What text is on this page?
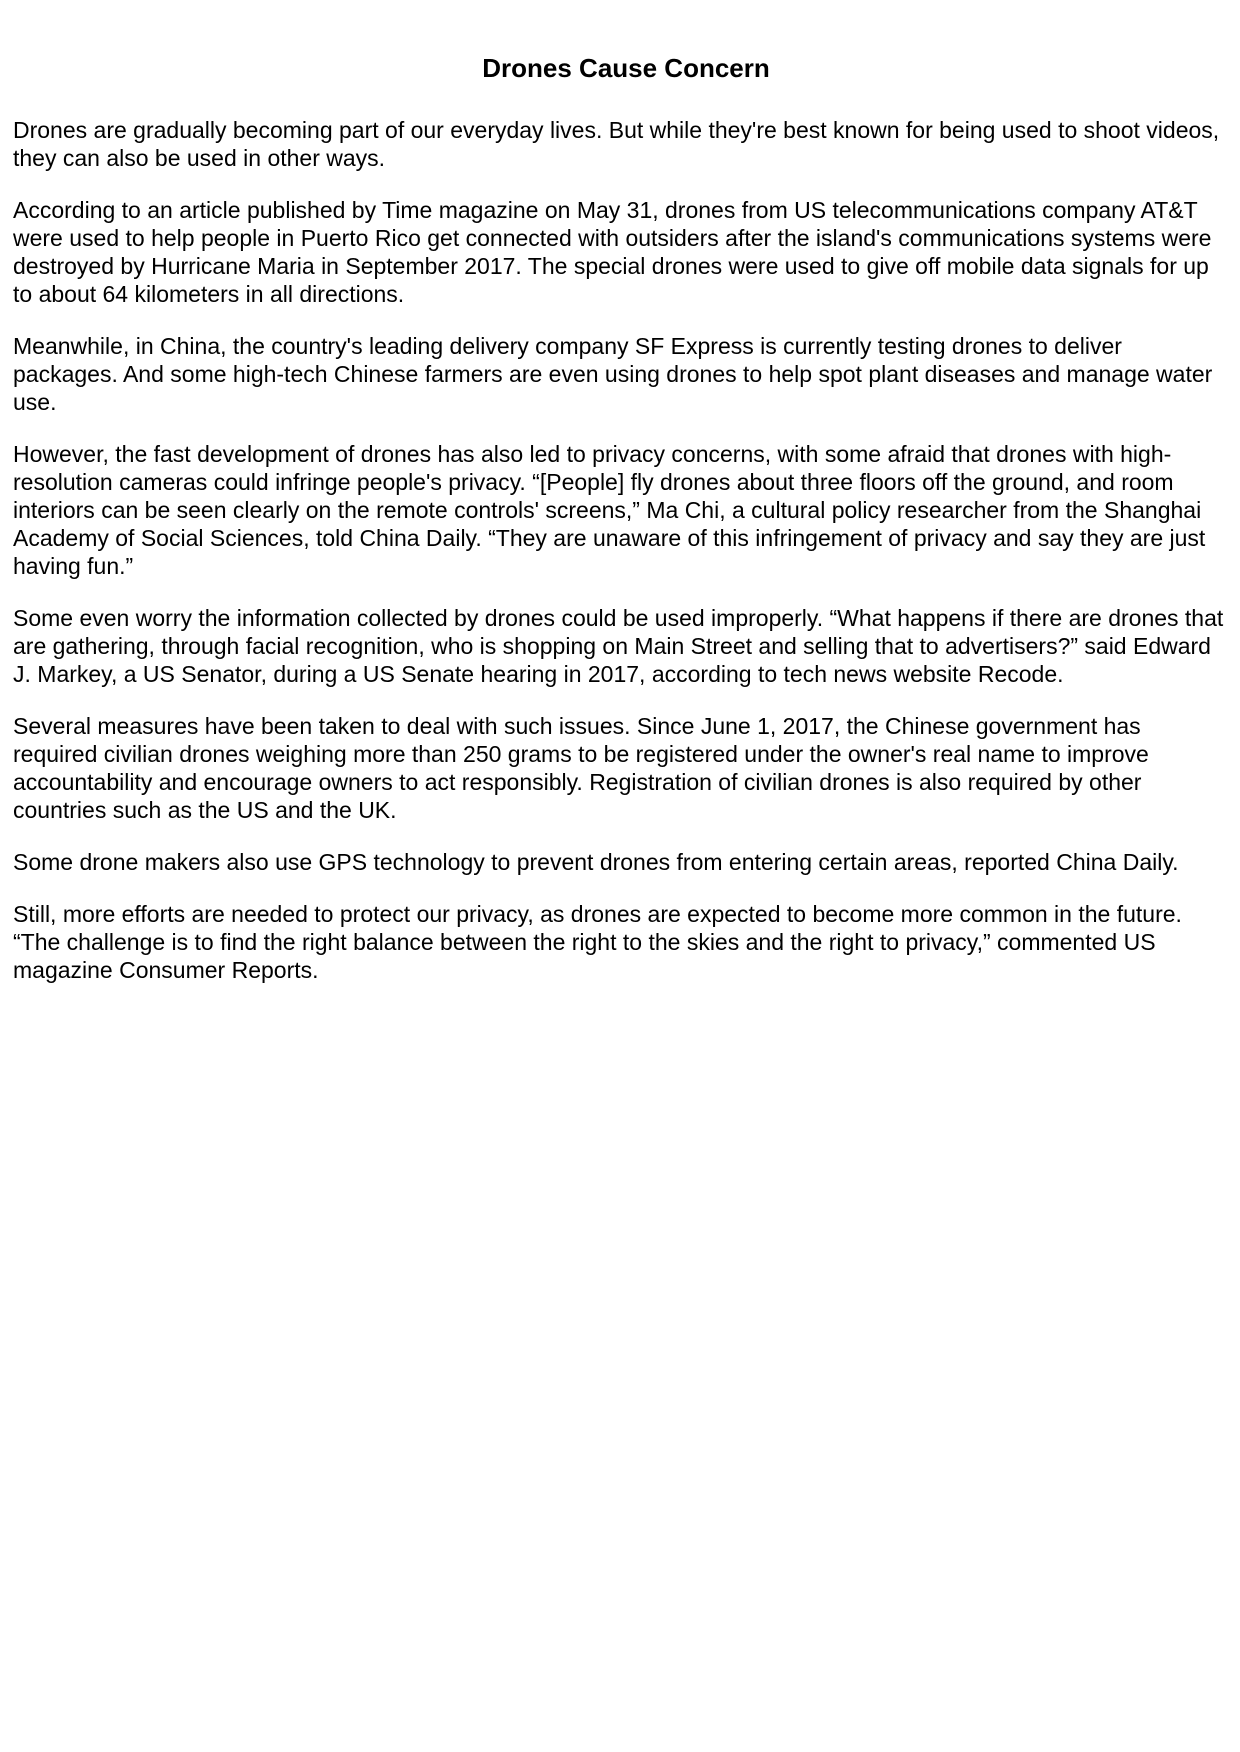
Drones Cause Concern

Drones are gradually becoming part of our everyday lives. But while they're best known for being used to shoot videos, they can also be used in other ways.

According to an article published by Time magazine on May 31, drones from US telecommunications company AT&T were used to help people in Puerto Rico get connected with outsiders after the island's communications systems were destroyed by Hurricane Maria in September 2017. The special drones were used to give off mobile data signals for up to about 64 kilometers in all directions.

Meanwhile, in China, the country's leading delivery company SF Express is currently testing drones to deliver packages. And some high-tech Chinese farmers are even using drones to help spot plant diseases and manage water use.

However, the fast development of drones has also led to privacy concerns, with some afraid that drones with high-resolution cameras could infringe people's privacy. “[People] fly drones about three floors off the ground, and room interiors can be seen clearly on the remote controls' screens,” Ma Chi, a cultural policy researcher from the Shanghai Academy of Social Sciences, told China Daily. “They are unaware of this infringement of privacy and say they are just having fun.”

Some even worry the information collected by drones could be used improperly. “What happens if there are drones that are gathering, through facial recognition, who is shopping on Main Street and selling that to advertisers?” said Edward J. Markey, a US Senator, during a US Senate hearing in 2017, according to tech news website Recode.

Several measures have been taken to deal with such issues. Since June 1, 2017, the Chinese government has required civilian drones weighing more than 250 grams to be registered under the owner's real name to improve accountability and encourage owners to act responsibly. Registration of civilian drones is also required by other countries such as the US and the UK.

Some drone makers also use GPS technology to prevent drones from entering certain areas, reported China Daily.

Still, more efforts are needed to protect our privacy, as drones are expected to become more common in the future. “The challenge is to find the right balance between the right to the skies and the right to privacy,” commented US magazine Consumer Reports.
